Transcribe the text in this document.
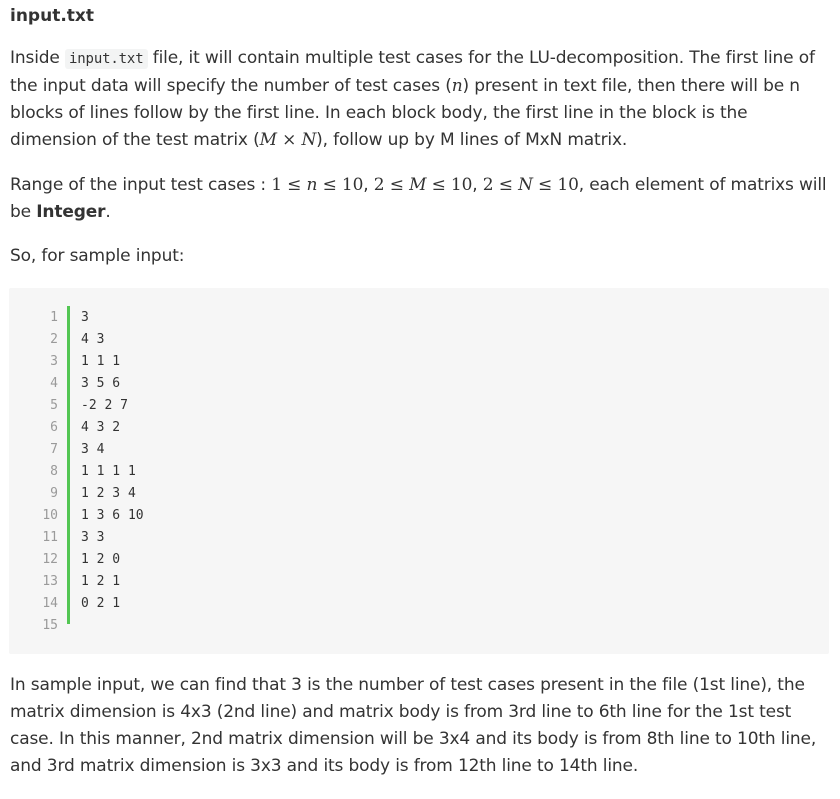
input.txt
Inside input.txt file, it will contain multiple test cases for the LU-decomposition. The first line of the input data will specify the number of test cases (n) present in text file, then there will be n blocks of lines follow by the first line. In each block body, the first line in the block is the dimension of the test matrix (M × N), follow up by M lines of MxN matrix.
Range of the input test cases : 1 ≤ n ≤ 10, 2 ≤ M ≤ 10, 2 ≤ N ≤ 10, each element of matrixs will be Integer.
So, for sample input:
1
2
3
4
5
6
7
8
9
10
11
12
13
14
15
3
4 3
1 1 1
3 5 6
-2 2 7
4 3 2
3 4
1 1 1 1
1 2 3 4
1 3 6 10
3 3
1 2 0
1 2 1
0 2 1
In sample input, we can find that 3 is the number of test cases present in the file (1st line), the matrix dimension is 4x3 (2nd line) and matrix body is from 3rd line to 6th line for the 1st test case. In this manner, 2nd matrix dimension will be 3x4 and its body is from 8th line to 10th line, and 3rd matrix dimension is 3x3 and its body is from 12th line to 14th line.
